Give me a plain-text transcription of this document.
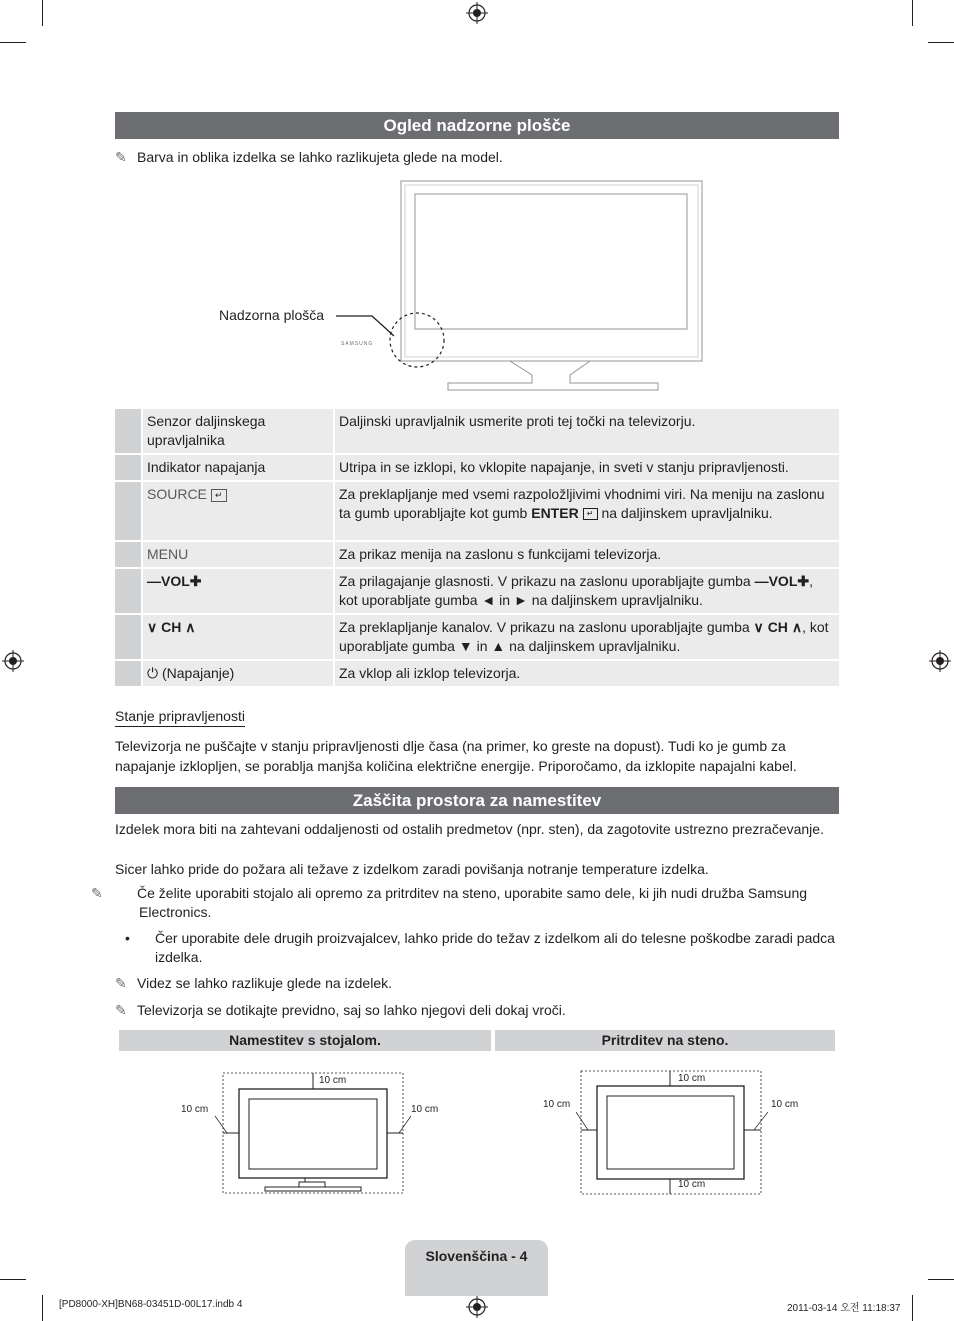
Ogled nadzorne plošče
✎ Barva in oblika izdelka se lahko razlikujeta glede na model.
SAMSUNG
Nadzorna plošča
	Senzor daljinskega upravljalnika	Daljinski upravljalnik usmerite proti tej točki na televizorju.
	Indikator napajanja	Utripa in se izklopi, ko vklopite napajanje, in sveti v stanju pripravljenosti.
	SOURCE ↵	Za preklapljanje med vsemi razpoložljivimi vhodnimi viri. Na meniju na zaslonu ta gumb uporabljajte kot gumb ENTER ↵ na daljinskem upravljalniku.
	MENU	Za prikaz menija na zaslonu s funkcijami televizorja.
	—VOL✚	Za prilagajanje glasnosti. V prikazu na zaslonu uporabljajte gumba —VOL✚, kot uporabljate gumba ◄ in ► na daljinskem upravljalniku.
	∨ CH ∧	Za preklapljanje kanalov. V prikazu na zaslonu uporabljajte gumba ∨ CH ∧, kot uporabljate gumba ▼ in ▲ na daljinskem upravljalniku.
	⏻ (Napajanje)	Za vklop ali izklop televizorja.
Stanje pripravljenosti
Televizorja ne puščajte v stanju pripravljenosti dlje časa (na primer, ko greste na dopust). Tudi ko je gumb za napajanje izklopljen, se porablja manjša količina električne energije. Priporočamo, da izklopite napajalni kabel.
Zaščita prostora za namestitev
Izdelek mora biti na zahtevani oddaljenosti od ostalih predmetov (npr. sten), da zagotovite ustrezno prezračevanje.
Sicer lahko pride do požara ali težave z izdelkom zaradi povišanja notranje temperature izdelka.
✎ Če želite uporabiti stojalo ali opremo za pritrditev na steno, uporabite samo dele, ki jih nudi družba Samsung Electronics.
• Čer uporabite dele drugih proizvajalcev, lahko pride do težav z izdelkom ali do telesne poškodbe zaradi padca izdelka.
✎ Videz se lahko razlikuje glede na izdelek.
✎ Televizorja se dotikajte previdno, saj so lahko njegovi deli dokaj vroči.
Namestitev s stojalom.	Pritrditev na steno.
10 cm
10 cm	10 cm
10 cm
10 cm	10 cm
10 cm
Slovenščina - 4
[PD8000-XH]BN68-03451D-00L17.indb 4	2011-03-14 오전 11:18:37
